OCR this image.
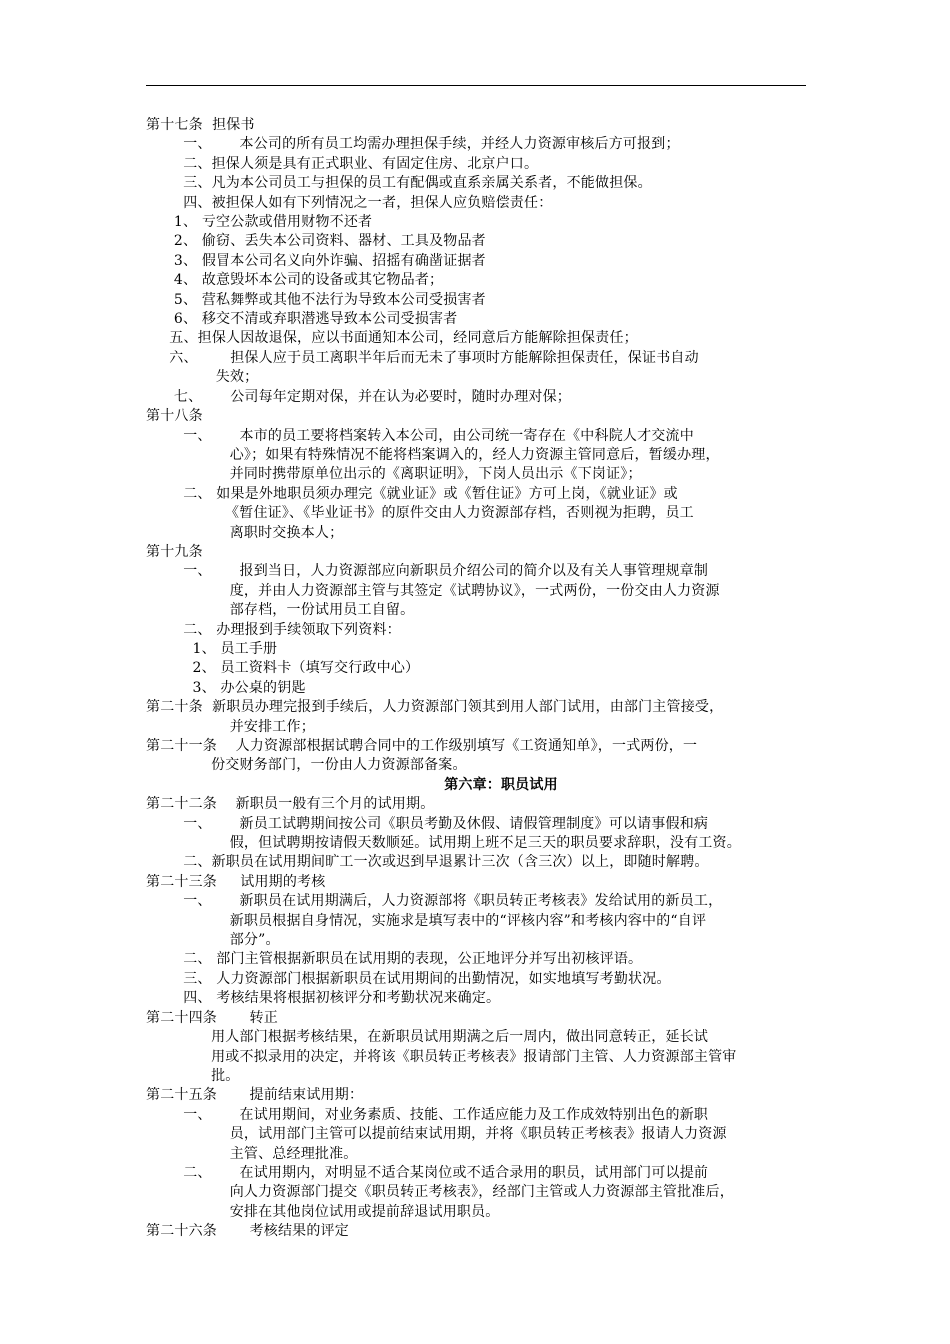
第十七条  担保书
一、      本公司的所有员工均需办理担保手续，并经人力资源审核后方可报到；
二、担保人须是具有正式职业、有固定住房、北京户口。
三、凡为本公司员工与担保的员工有配偶或直系亲属关系者，不能做担保。
四、被担保人如有下列情况之一者，担保人应负赔偿责任：
1、 亏空公款或借用财物不还者
2、 偷窃、丢失本公司资料、器材、工具及物品者
3、 假冒本公司名义向外诈骗、招摇有确凿证据者
4、 故意毁坏本公司的设备或其它物品者；
5、 营私舞弊或其他不法行为导致本公司受损害者
6、 移交不清或弃职潜逃导致本公司受损害者
五、担保人因故退保，应以书面通知本公司，经同意后方能解除担保责任；
六、       担保人应于员工离职半年后而无未了事项时方能解除担保责任，保证书自动
失效；
七、      公司每年定期对保，并在认为必要时，随时办理对保；
第十八条
一、      本市的员工要将档案转入本公司，由公司统一寄存在《中科院人才交流中
心》；如果有特殊情况不能将档案调入的，经人力资源主管同意后，暂缓办理，
并同时携带原单位出示的《离职证明》，下岗人员出示《下岗证》；
二、 如果是外地职员须办理完《就业证》或《暂住证》方可上岗，《就业证》或
《暂住证》、《毕业证书》的原件交由人力资源部存档，否则视为拒聘，员工
离职时交换本人；
第十九条
一、      报到当日，人力资源部应向新职员介绍公司的简介以及有关人事管理规章制
度，并由人力资源部主管与其签定《试聘协议》，一式两份，一份交由人力资源
部存档，一份试用员工自留。
二、 办理报到手续领取下列资料：
1、 员工手册
2、 员工资料卡（填写交行政中心）
3、 办公桌的钥匙
第二十条  新职员办理完报到手续后，人力资源部门领其到用人部门试用，由部门主管接受，
并安排工作；
第二十一条    人力资源部根据试聘合同中的工作级别填写《工资通知单》，一式两份，一
份交财务部门，一份由人力资源部备案。
第六章：职员试用
第二十二条    新职员一般有三个月的试用期。
一、      新员工试聘期间按公司《职员考勤及休假、请假管理制度》可以请事假和病
假，但试聘期按请假天数顺延。试用期上班不足三天的职员要求辞职，没有工资。
二、新职员在试用期间旷工一次或迟到早退累计三次（含三次）以上，即随时解聘。
第二十三条     试用期的考核
一、      新职员在试用期满后，人力资源部将《职员转正考核表》发给试用的新员工，
新职员根据自身情况，实施求是填写表中的“评核内容”和考核内容中的“自评
部分”。
二、 部门主管根据新职员在试用期的表现，公正地评分并写出初核评语。
三、 人力资源部门根据新职员在试用期间的出勤情况，如实地填写考勤状况。
四、 考核结果将根据初核评分和考勤状况来确定。
第二十四条       转正
用人部门根据考核结果，在新职员试用期满之后一周内，做出同意转正，延长试
用或不拟录用的决定，并将该《职员转正考核表》报请部门主管、人力资源部主管审
批。
第二十五条       提前结束试用期：
一、      在试用期间，对业务素质、技能、工作适应能力及工作成效特别出色的新职
员，试用部门主管可以提前结束试用期，并将《职员转正考核表》报请人力资源
主管、总经理批准。
二、      在试用期内，对明显不适合某岗位或不适合录用的职员，试用部门可以提前
向人力资源部门提交《职员转正考核表》，经部门主管或人力资源部主管批准后，
安排在其他岗位试用或提前辞退试用职员。
第二十六条       考核结果的评定
